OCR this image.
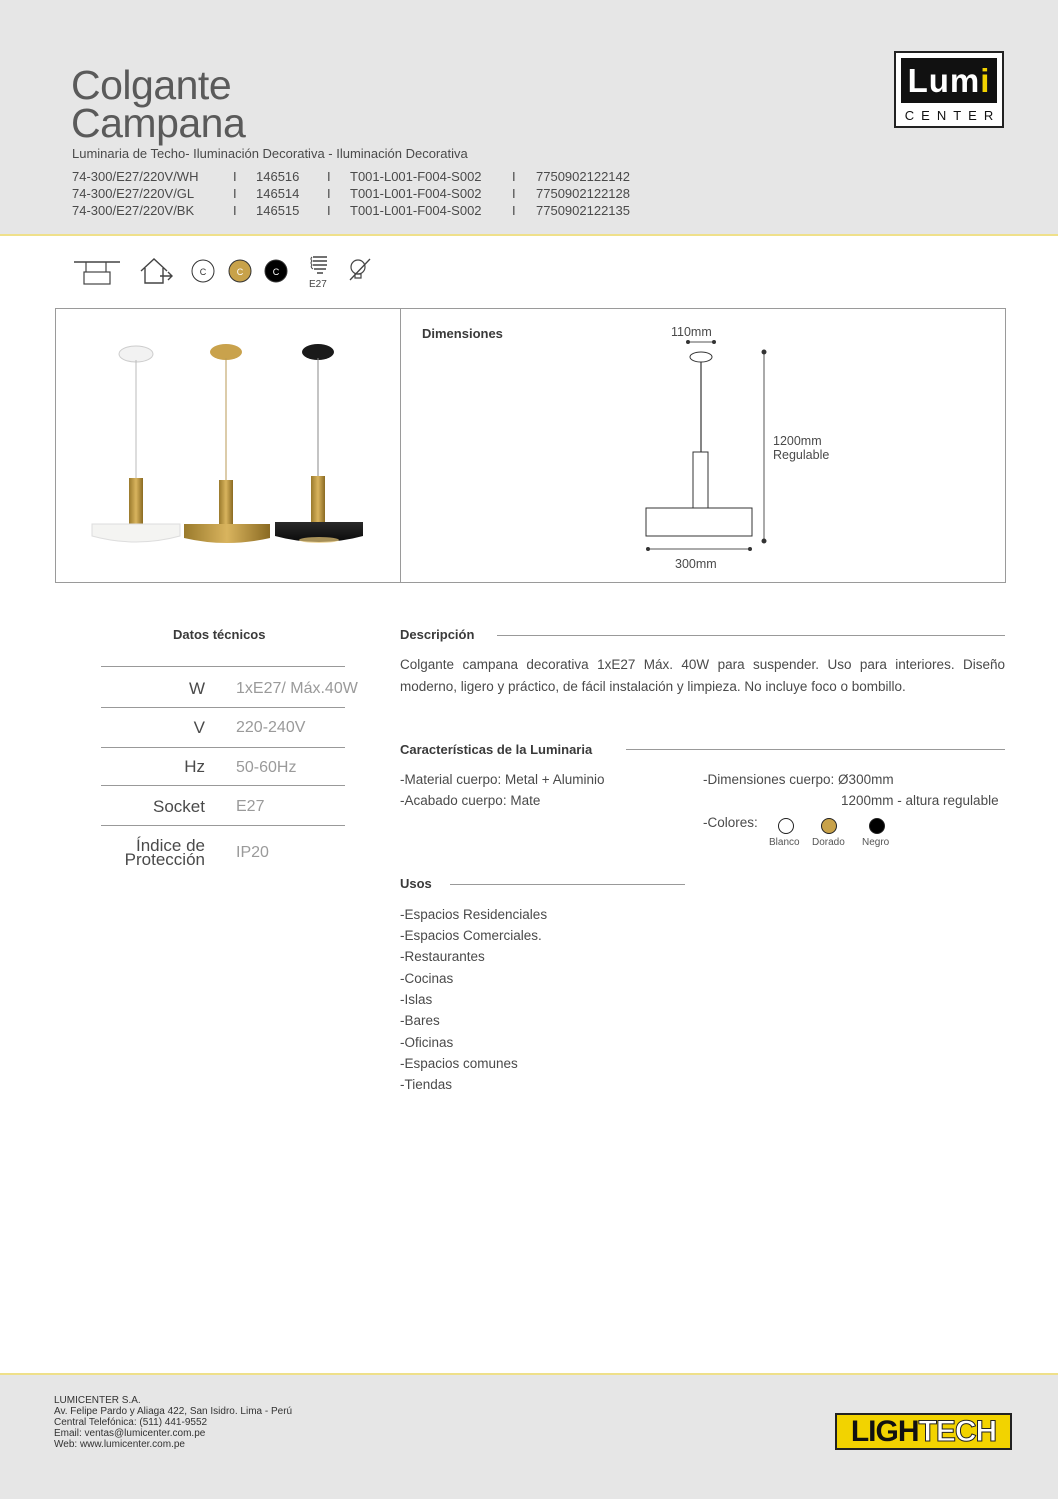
Colgante
Campana
Luminaria de Techo- Iluminación Decorativa - Iluminación Decorativa
74-300/E27/220V/WH	I 146516 I T001-L001-F004-S002 I 7750902122142
74-300/E27/220V/GL	I 146514 I T001-L001-F004-S002 I 7750902122128
74-300/E27/220V/BK	I 146515 I T001-L001-F004-S002 I 7750902122135
Lumi
CENTER
C	C	C
E27
Dimensiones	110mm
1200mm
Regulable
300mm
Datos técnicos
W 1xE27/ Máx.40W
V 220-240V
Hz 50-60Hz
Socket E27
Índice de
Protección IP20
Descripción
Colgante campana decorativa 1xE27 Máx. 40W para suspender. Uso para interiores. Diseño
moderno, ligero y práctico, de fácil instalación y limpieza. No incluye foco o bombillo.
Características de la Luminaria
-Material cuerpo: Metal + Aluminio
-Acabado cuerpo: Mate
-Dimensiones cuerpo: Ø300mm
1200mm - altura regulable
-Colores:
Blanco Dorado Negro
Usos
-Espacios Residenciales
-Espacios Comerciales.
-Restaurantes
-Cocinas
-Islas
-Bares
-Oficinas
-Espacios comunes
-Tiendas
LUMICENTER S.A.
Av. Felipe Pardo y Aliaga 422, San Isidro. Lima - Perú
Central Telefónica: (511) 441-9552
Email: ventas@lumicenter.com.pe
Web: www.lumicenter.com.pe	LIGHTECH
